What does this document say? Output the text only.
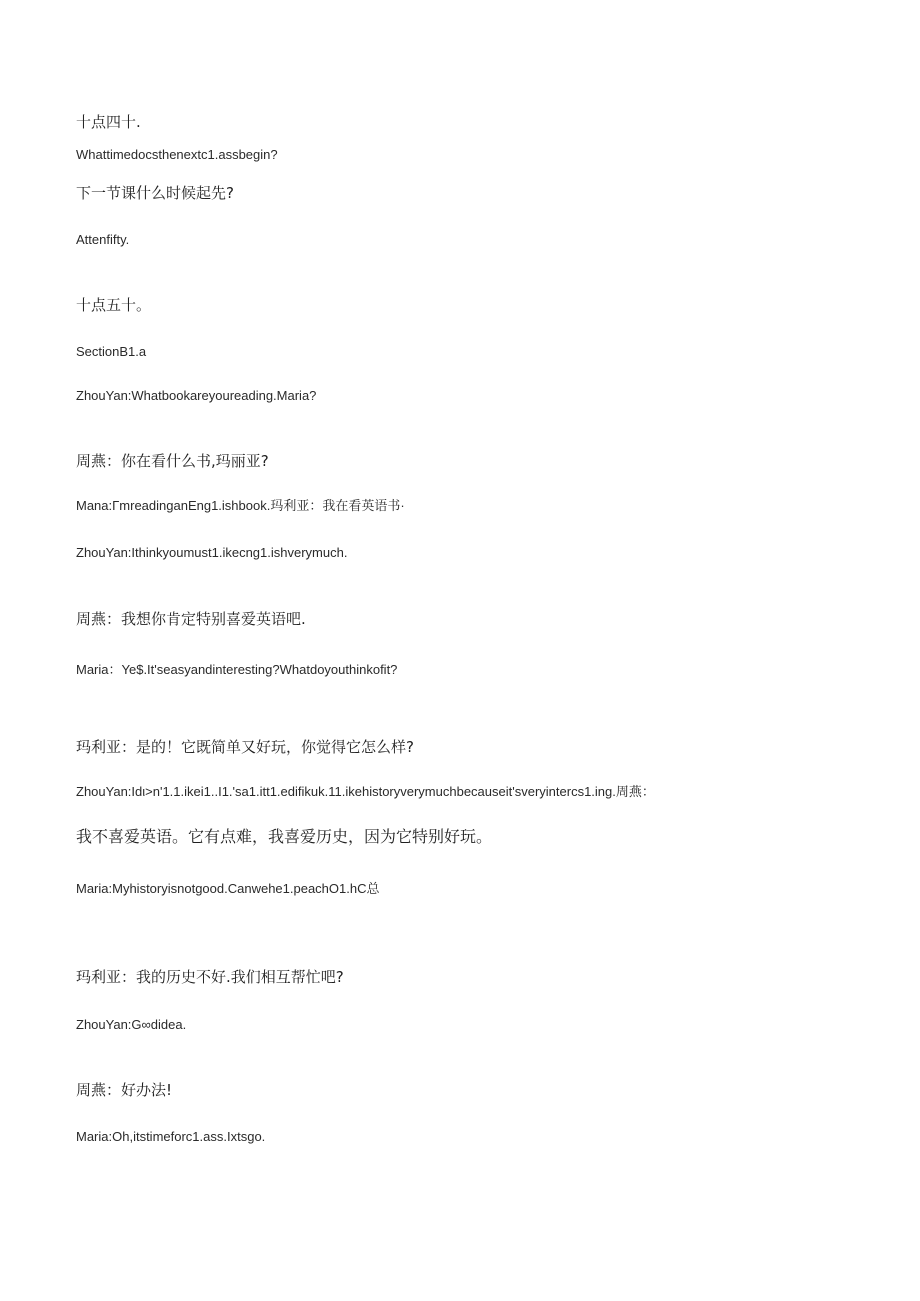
十点四十.
Whattimedocsthenextc1.assbegin?
下一节课什么时候起先?
Attenfifty.
十点五十。
SectionB1.a
ZhouYan:Whatbookareyoureading.Maria?
周燕：你在看什么书,玛丽亚?
Mana:Γmreadinga​nEng1.ishbook.玛利亚：我在看英语书·
ZhouYan:Ithinkyoumust1.ikecng1.ishverymuch.
周燕：我想你肯定特别喜爱英语吧.
Maria：Ye$.It'seasyandinteresting?Whatdoyouthinkofit?
玛利亚：是的！它既简单又好玩，你觉得它怎么样?
ZhouYan:Idι>n'1.1.ikei1..I1.'sa1.itt1.edifikuk.11.ikehistoryverymuchbecauseit'sveryintercs1.ing.周燕：
我不喜爱英语。它有点难，我喜爱历史，因为它特别好玩。
Maria:Myhistoryisnotgood.Canwehe1.peachO1.hC总
玛利亚：我的历史不好.我们相互帮忙吧?
ZhouYan:G∞didea.
周燕：好办法!
Maria:Oh,itstimeforc1.ass.Ixtsgo.
